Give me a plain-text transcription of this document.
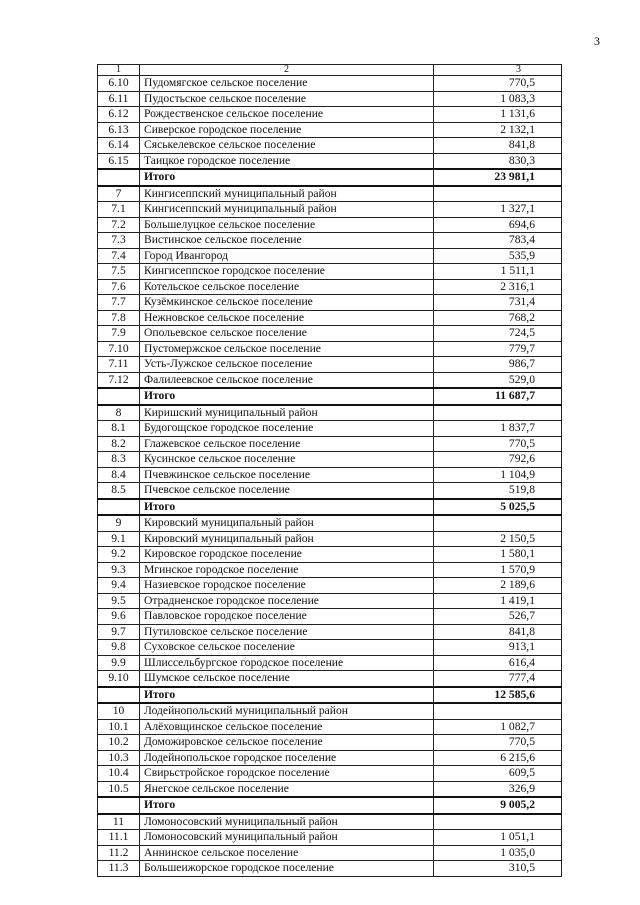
3
1	2	3
6.10	Пудомягское сельское поселение	770,5
6.11	Пудостьское сельское поселение	1 083,3
6.12	Рождественское сельское поселение	1 131,6
6.13	Сиверское городское поселение	2 132,1
6.14	Сяськелевское сельское поселение	841,8
6.15	Таицкое городское поселение	830,3
	Итого	23 981,1
7	Кингисеппский муниципальный район	
7.1	Кингисеппский муниципальный район	1 327,1
7.2	Большелуцкое сельское поселение	694,6
7.3	Вистинское сельское поселение	783,4
7.4	Город Ивангород	535,9
7.5	Кингисеппское городское поселение	1 511,1
7.6	Котельское сельское поселение	2 316,1
7.7	Кузёмкинское сельское поселение	731,4
7.8	Нежновское сельское поселение	768,2
7.9	Опольевское сельское поселение	724,5
7.10	Пустомержское сельское поселение	779,7
7.11	Усть-Лужское сельское поселение	986,7
7.12	Фалилеевское сельское поселение	529,0
	Итого	11 687,7
8	Киришский муниципальный район	
8.1	Будогощское городское поселение	1 837,7
8.2	Глажевское сельское поселение	770,5
8.3	Кусинское сельское поселение	792,6
8.4	Пчевжинское сельское поселение	1 104,9
8.5	Пчевское сельское поселение	519,8
	Итого	5 025,5
9	Кировский муниципальный район	
9.1	Кировский муниципальный район	2 150,5
9.2	Кировское городское поселение	1 580,1
9.3	Мгинское городское поселение	1 570,9
9.4	Назиевское городское поселение	2 189,6
9.5	Отрадненское городское поселение	1 419,1
9.6	Павловское городское поселение	526,7
9.7	Путиловское сельское поселение	841,8
9.8	Суховское сельское поселение	913,1
9.9	Шлиссельбургское городское поселение	616,4
9.10	Шумское сельское поселение	777,4
	Итого	12 585,6
10	Лодейнопольский муниципальный район	
10.1	Алёховщинское сельское поселение	1 082,7
10.2	Доможировское сельское поселение	770,5
10.3	Лодейнопольское городское поселение	6 215,6
10.4	Свирьстройское городское поселение	609,5
10.5	Янегское сельское поселение	326,9
	Итого	9 005,2
11	Ломоносовский муниципальный район	
11.1	Ломоносовский муниципальный район	1 051,1
11.2	Аннинское сельское поселение	1 035,0
11.3	Большеижорское городское поселение	310,5
